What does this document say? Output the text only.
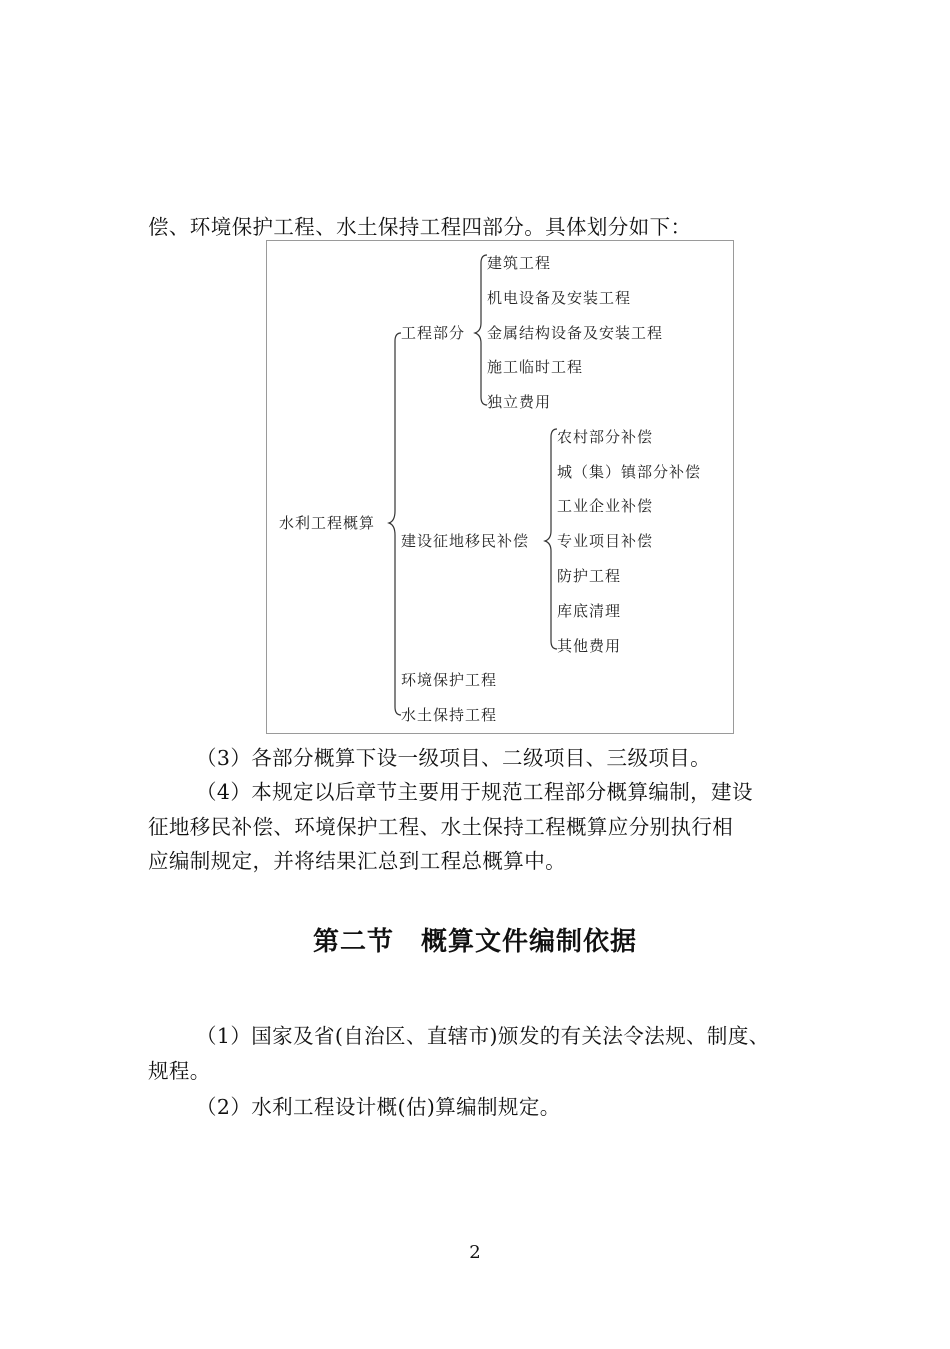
偿、环境保护工程、水土保持工程四部分。具体划分如下：
水利工程概算
工程部分
建设征地移民补偿
环境保护工程
水土保持工程
建筑工程
机电设备及安装工程
金属结构设备及安装工程
施工临时工程
独立费用
农村部分补偿
城（集）镇部分补偿
工业企业补偿
专业项目补偿
防护工程
库底清理
其他费用
（3）各部分概算下设一级项目、二级项目、三级项目。
（4）本规定以后章节主要用于规范工程部分概算编制，建设
征地移民补偿、环境保护工程、水土保持工程概算应分别执行相
应编制规定，并将结果汇总到工程总概算中。
第二节　概算文件编制依据
（1）国家及省(自治区、直辖市)颁发的有关法令法规、制度、
规程。
（2）水利工程设计概(估)算编制规定。
2
